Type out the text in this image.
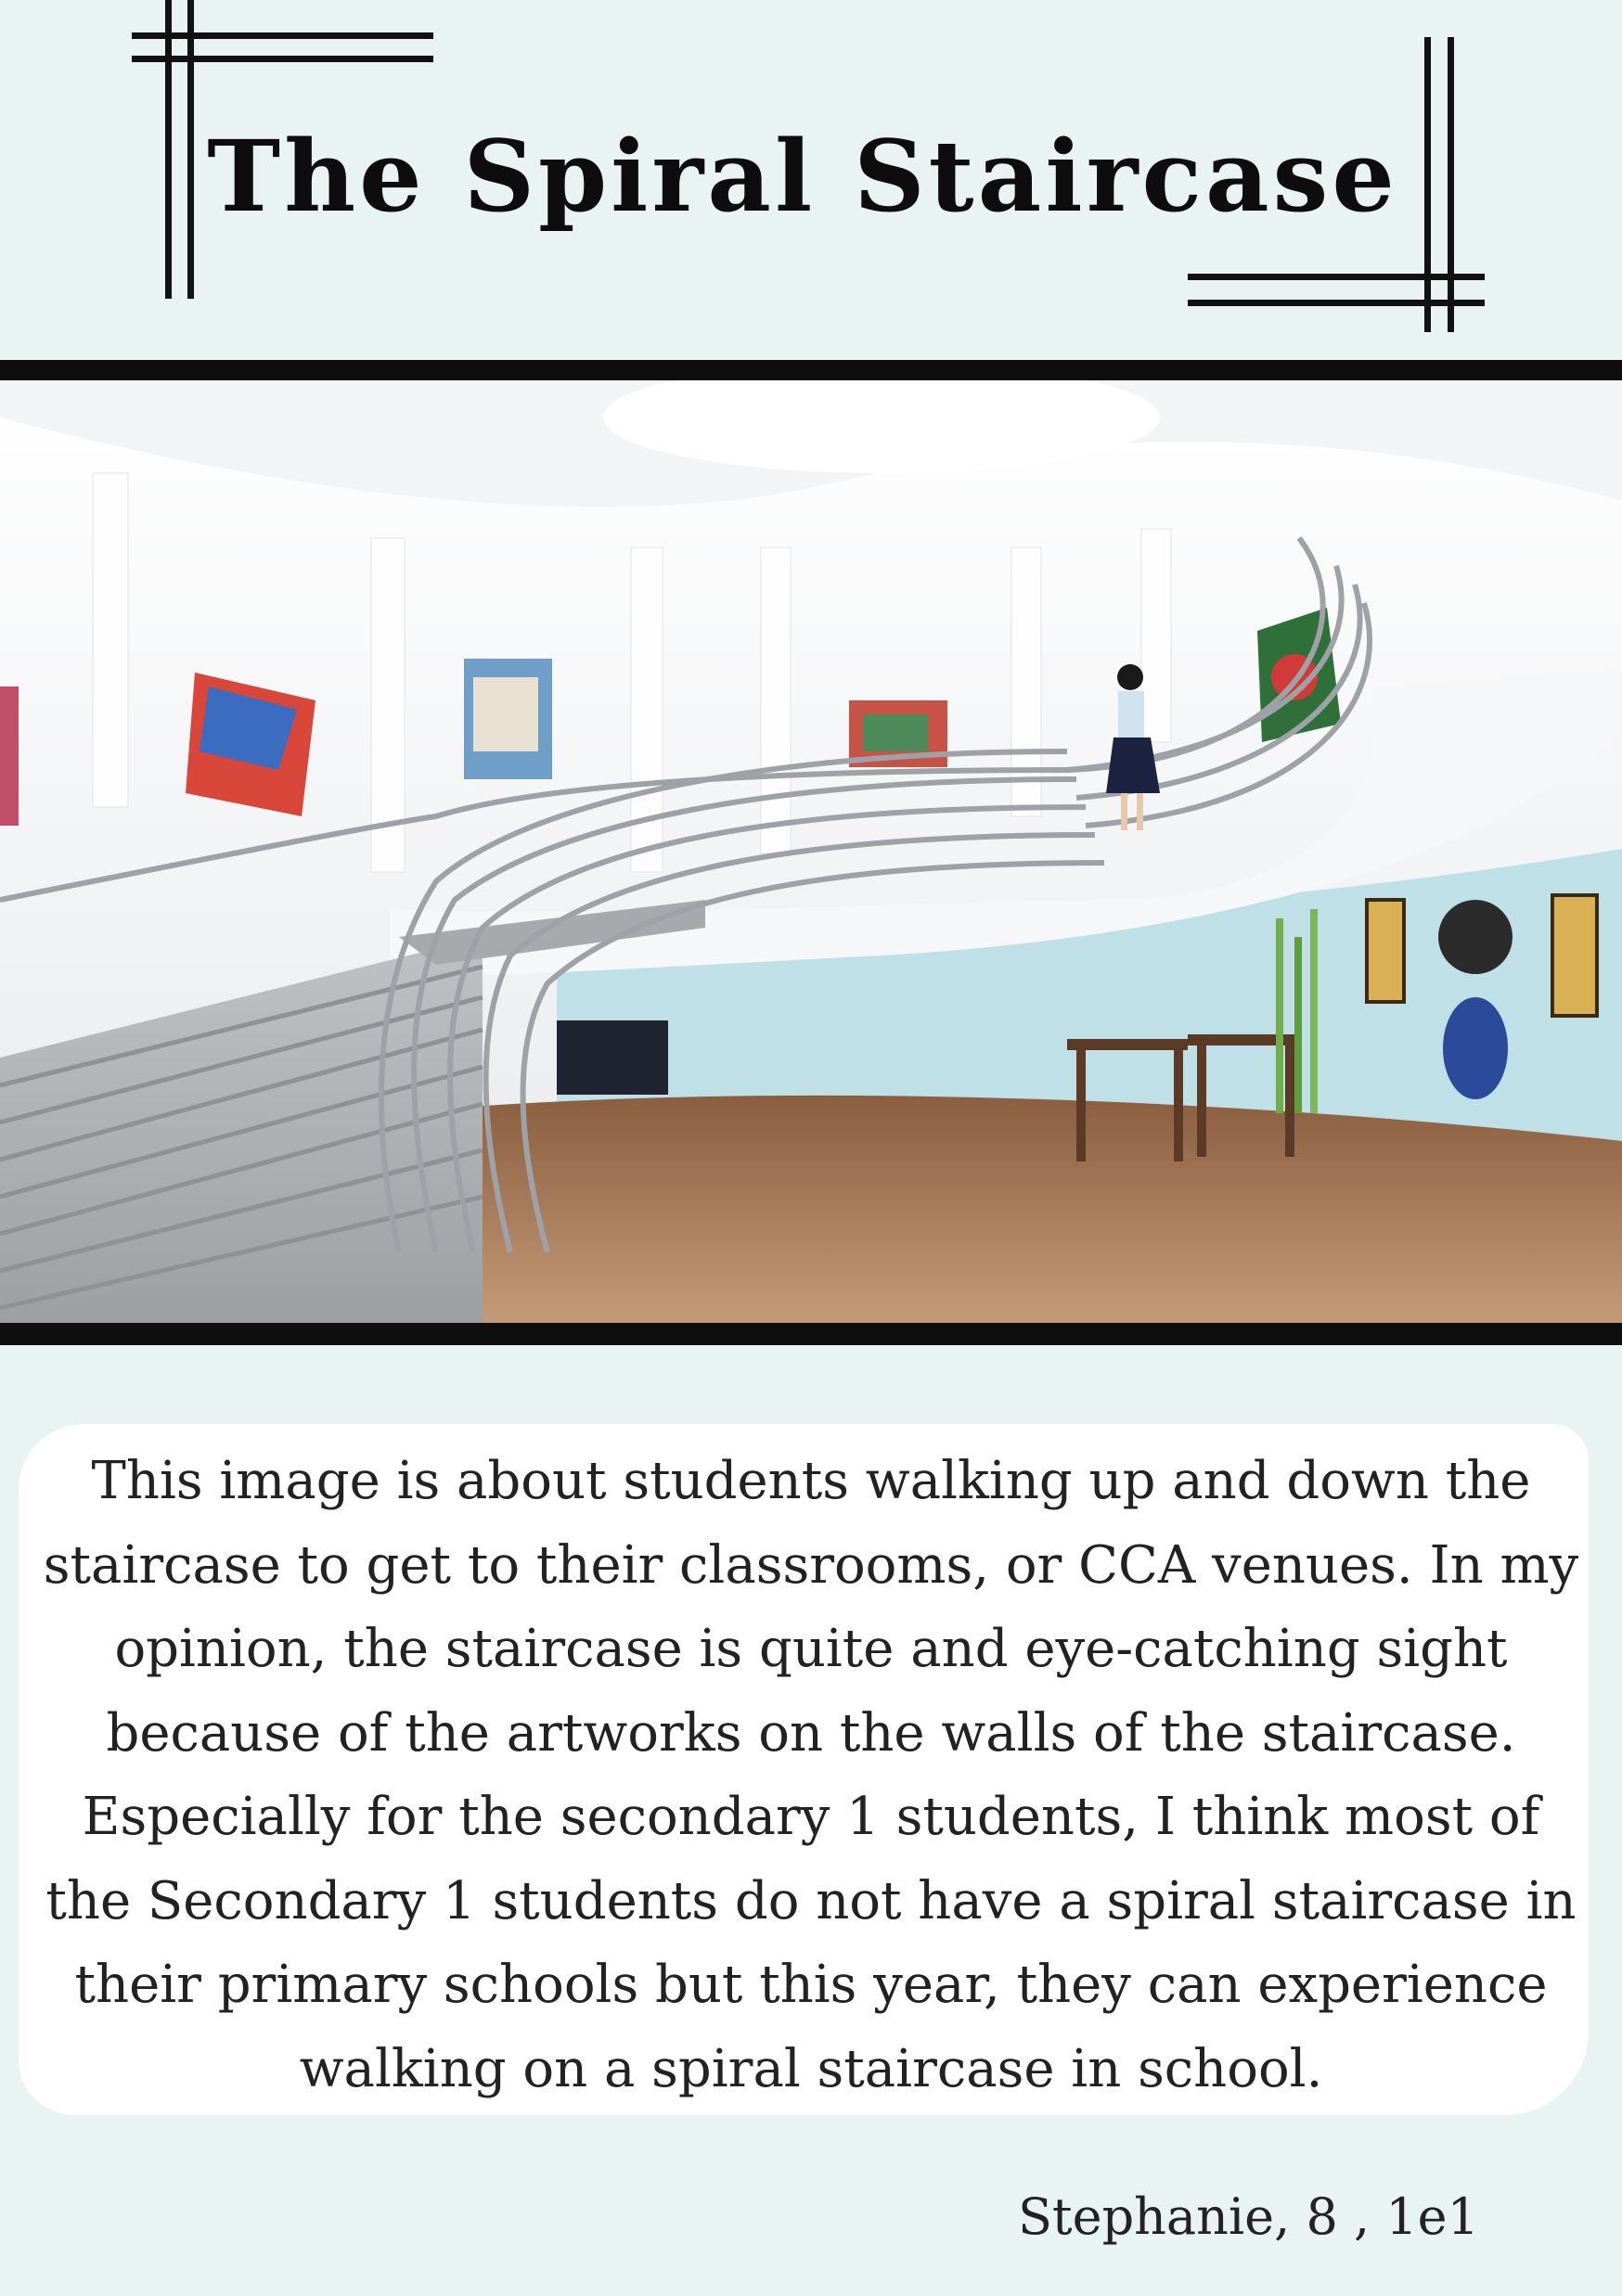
The Spiral Staircase

This image is about students walking up and down the staircase to get to their classrooms, or CCA venues. In my opinion, the staircase is quite and eye-catching sight because of the artworks on the walls of the staircase. Especially for the secondary 1 students, I think most of the Secondary 1 students do not have a spiral staircase in their primary schools but this year, they can experience walking on a spiral staircase in school.

Stephanie, 8 , 1e1
